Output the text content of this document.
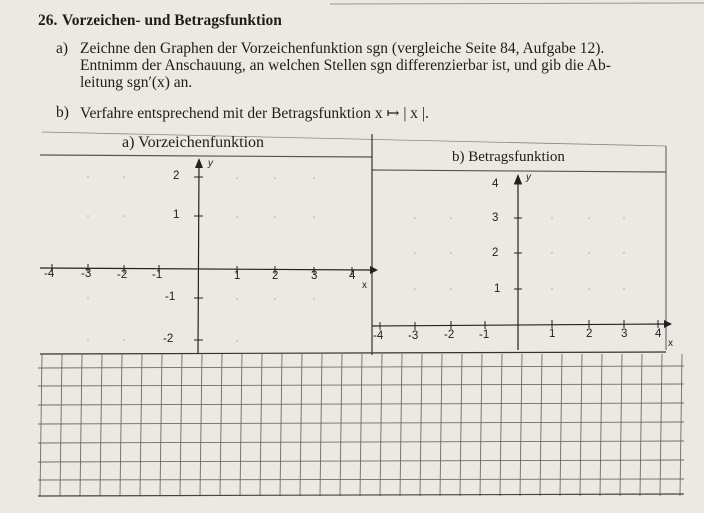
26. Vorzeichen- und Betragsfunktion
a) Zeichne den Graphen der Vorzeichenfunktion sgn (vergleiche Seite 84, Aufgabe 12).
Entnimm der Anschauung, an welchen Stellen sgn differenzierbar ist, und gib die Ab-
leitung sgn′(x) an.
b) Verfahre entsprechend mit der Betragsfunktion x ↦ | x |.
a) Vorzeichenfunktion
b) Betragsfunktion
-4 -3 -2 -1	1	2	3	4
x
y
2
1
-1
-2	-4 -3 -2 -1	1	2 3 4
x
y
4
3
2
1
